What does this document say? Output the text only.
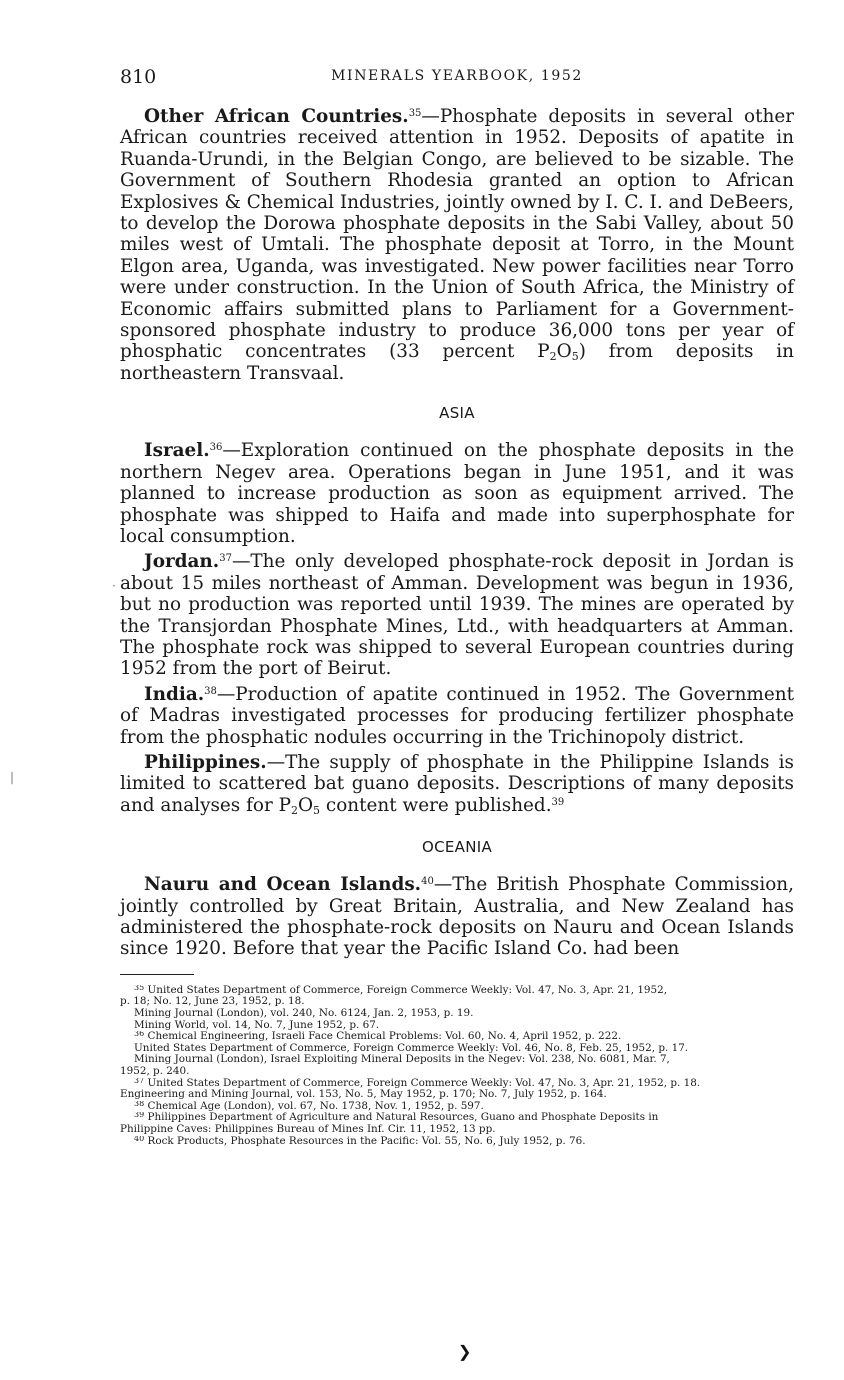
810	MINERALS YEARBOOK, 1952

Other African Countries.$^{35}$—Phosphate deposits in several other African countries received attention in 1952. Deposits of apatite in Ruanda-Urundi, in the Belgian Congo, are believed to be sizable. The Government of Southern Rhodesia granted an option to African Explosives & Chemical Industries, jointly owned by I. C. I. and DeBeers, to develop the Dorowa phosphate deposits in the Sabi Valley, about 50 miles west of Umtali. The phosphate deposit at Torro, in the Mount Elgon area, Uganda, was investigated. New power facilities near Torro were under construction. In the Union of South Africa, the Ministry of Economic affairs submitted plans to Parliament for a Government-sponsored phosphate industry to produce 36,000 tons per year of phosphatic concentrates (33 percent $P_2O_5$) from deposits in northeastern Transvaal.

ASIA

Israel.$^{36}$—Exploration continued on the phosphate deposits in the northern Negev area. Operations began in June 1951, and it was planned to increase production as soon as equipment arrived. The phosphate was shipped to Haifa and made into superphosphate for local consumption.

Jordan.$^{37}$—The only developed phosphate-rock deposit in Jordan is about 15 miles northeast of Amman. Development was begun in 1936, but no production was reported until 1939. The mines are operated by the Transjordan Phosphate Mines, Ltd., with headquarters at Amman. The phosphate rock was shipped to several European countries during 1952 from the port of Beirut.

India.$^{38}$—Production of apatite continued in 1952. The Government of Madras investigated processes for producing fertilizer phosphate from the phosphatic nodules occurring in the Trichinopoly district.

Philippines.—The supply of phosphate in the Philippine Islands is limited to scattered bat guano deposits. Descriptions of many deposits and analyses for $P_2O_5$ content were published.$^{39}$

OCEANIA

Nauru and Ocean Islands.$^{40}$—The British Phosphate Commission, jointly controlled by Great Britain, Australia, and New Zealand has administered the phosphate-rock deposits on Nauru and Ocean Islands since 1920. Before that year the Pacific Island Co. had been

$^{35}$ United States Department of Commerce, Foreign Commerce Weekly: Vol. 47, No. 3, Apr. 21, 1952,

p. 18; No. 12, June 23, 1952, p. 18.

Mining Journal (London), vol. 240, No. 6124, Jan. 2, 1953, p. 19.

Mining World, vol. 14, No. 7, June 1952, p. 67.

$^{36}$ Chemical Engineering, Israeli Face Chemical Problems: Vol. 60, No. 4, April 1952, p. 222.

United States Department of Commerce, Foreign Commerce Weekly: Vol. 46, No. 8, Feb. 25, 1952, p. 17.

Mining Journal (London), Israel Exploiting Mineral Deposits in the Negev: Vol. 238, No. 6081, Mar. 7,

1952, p. 240.

$^{37}$ United States Department of Commerce, Foreign Commerce Weekly: Vol. 47, No. 3, Apr. 21, 1952, p. 18.

Engineering and Mining Journal, vol. 153, No. 5, May 1952, p. 170; No. 7, July 1952, p. 164.

$^{38}$ Chemical Age (London), vol. 67, No. 1738, Nov. 1, 1952, p. 597.

$^{39}$ Philippines Department of Agriculture and Natural Resources, Guano and Phosphate Deposits in

Philippine Caves: Philippines Bureau of Mines Inf. Cir. 11, 1952, 13 pp.

$^{40}$ Rock Products, Phosphate Resources in the Pacific: Vol. 55, No. 6, July 1952, p. 76.

|
·
❯
